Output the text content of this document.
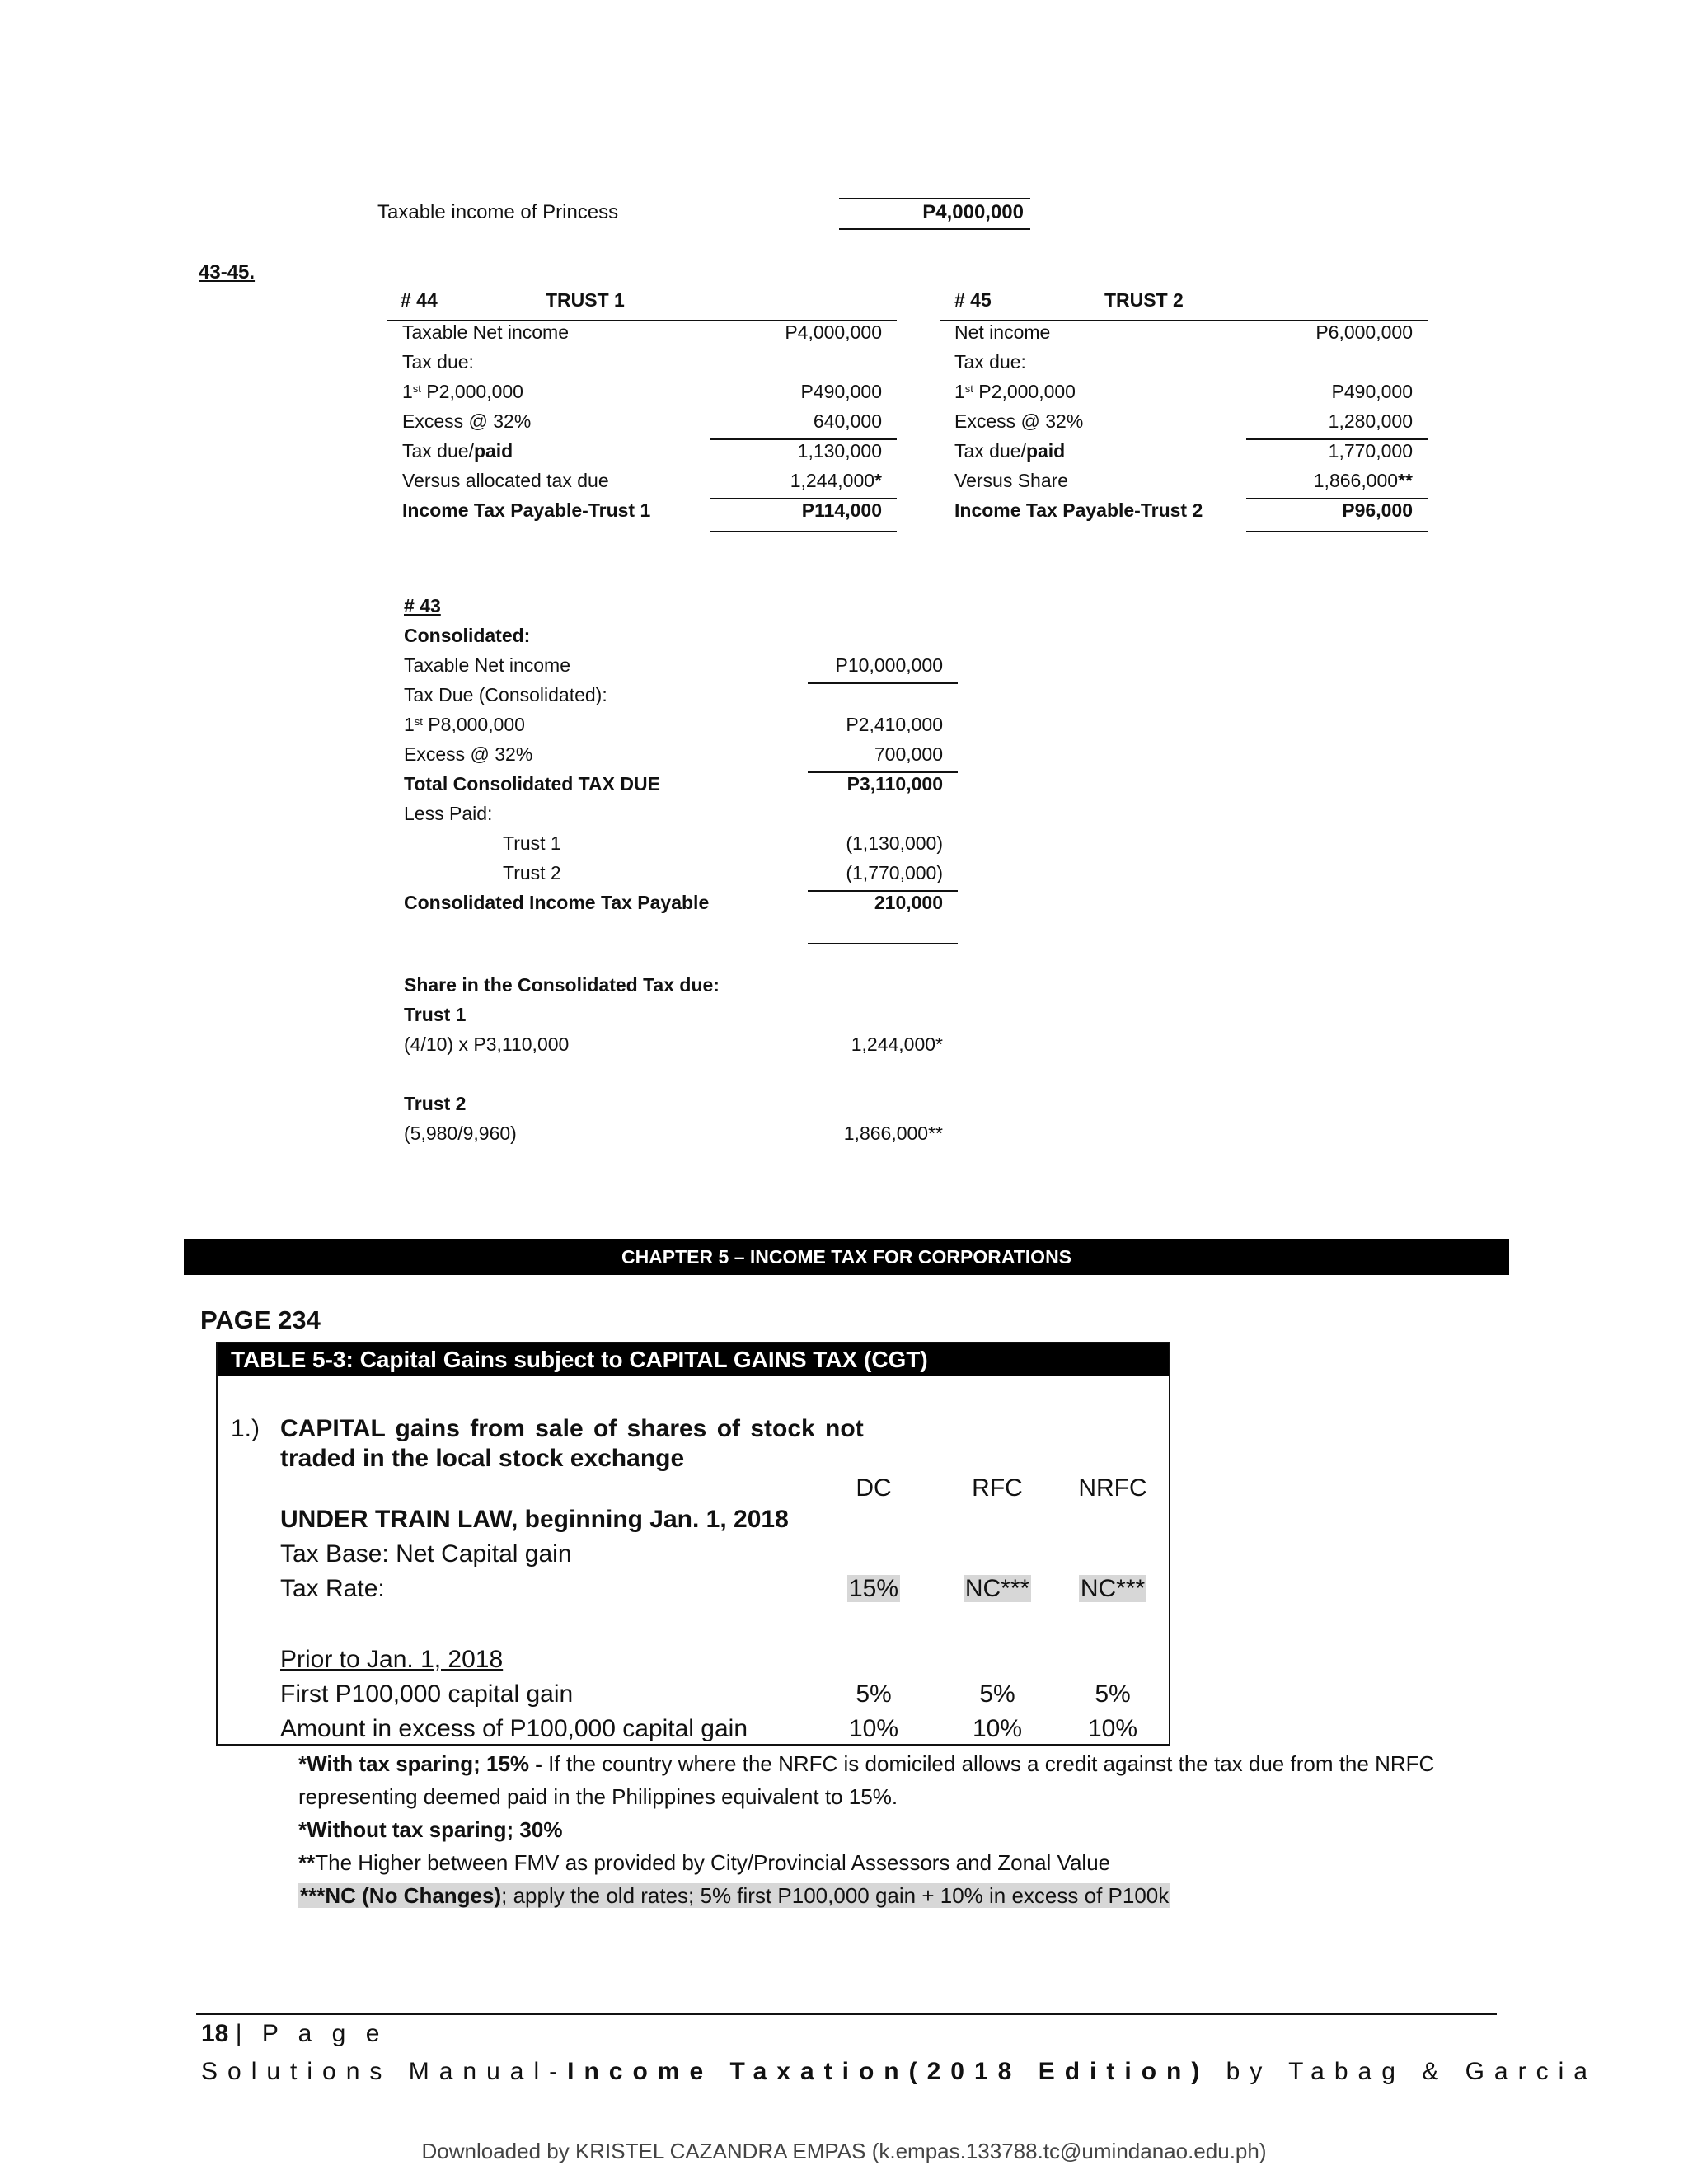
Taxable income of Princess	P4,000,000
43-45.
# 44	TRUST 1
Taxable Net income	P4,000,000
Tax due:
1st P2,000,000	P490,000
Excess @ 32%	640,000
Tax due/paid	1,130,000
Versus allocated tax due	1,244,000*
Income Tax Payable-Trust 1	P114,000
# 45	TRUST 2
Net income	P6,000,000
Tax due:
1st P2,000,000	P490,000
Excess @ 32%	1,280,000
Tax due/paid	1,770,000
Versus Share	1,866,000**
Income Tax Payable-Trust 2	P96,000
# 43
Consolidated:
Taxable Net income	P10,000,000
Tax Due (Consolidated):
1st P8,000,000	P2,410,000
Excess @ 32%	700,000
Total Consolidated TAX DUE	P3,110,000
Less Paid:
Trust 1	(1,130,000)
Trust 2	(1,770,000)
Consolidated Income Tax Payable	210,000
Share in the Consolidated Tax due:
Trust 1
(4/10) x P3,110,000	1,244,000*
Trust 2
(5,980/9,960)	1,866,000**
CHAPTER 5 – INCOME TAX FOR CORPORATIONS
PAGE 234
TABLE 5-3: Capital Gains subject to CAPITAL GAINS TAX (CGT)
1.) CAPITAL gains from sale of shares of stock not
traded in the local stock exchange
DC	RFC	NRFC
UNDER TRAIN LAW, beginning Jan. 1, 2018
Tax Base: Net Capital gain
Tax Rate:	15%	NC***	NC***
Prior to Jan. 1, 2018
First P100,000 capital gain	5%	5%	5%
Amount in excess of P100,000 capital gain	10%	10%	10%
*With tax sparing; 15% - If the country where the NRFC is domiciled allows a credit against the tax due from the NRFC
representing deemed paid in the Philippines equivalent to 15%.
*Without tax sparing; 30%
**The Higher between FMV as provided by City/Provincial Assessors and Zonal Value
***NC (No Changes); apply the old rates; 5% first P100,000 gain + 10% in excess of P100k
18 | P a g e
Solutions Manual-Income Taxation(2018 Edition) by Tabag & Garcia
Downloaded by KRISTEL CAZANDRA EMPAS (k.empas.133788.tc@umindanao.edu.ph)
